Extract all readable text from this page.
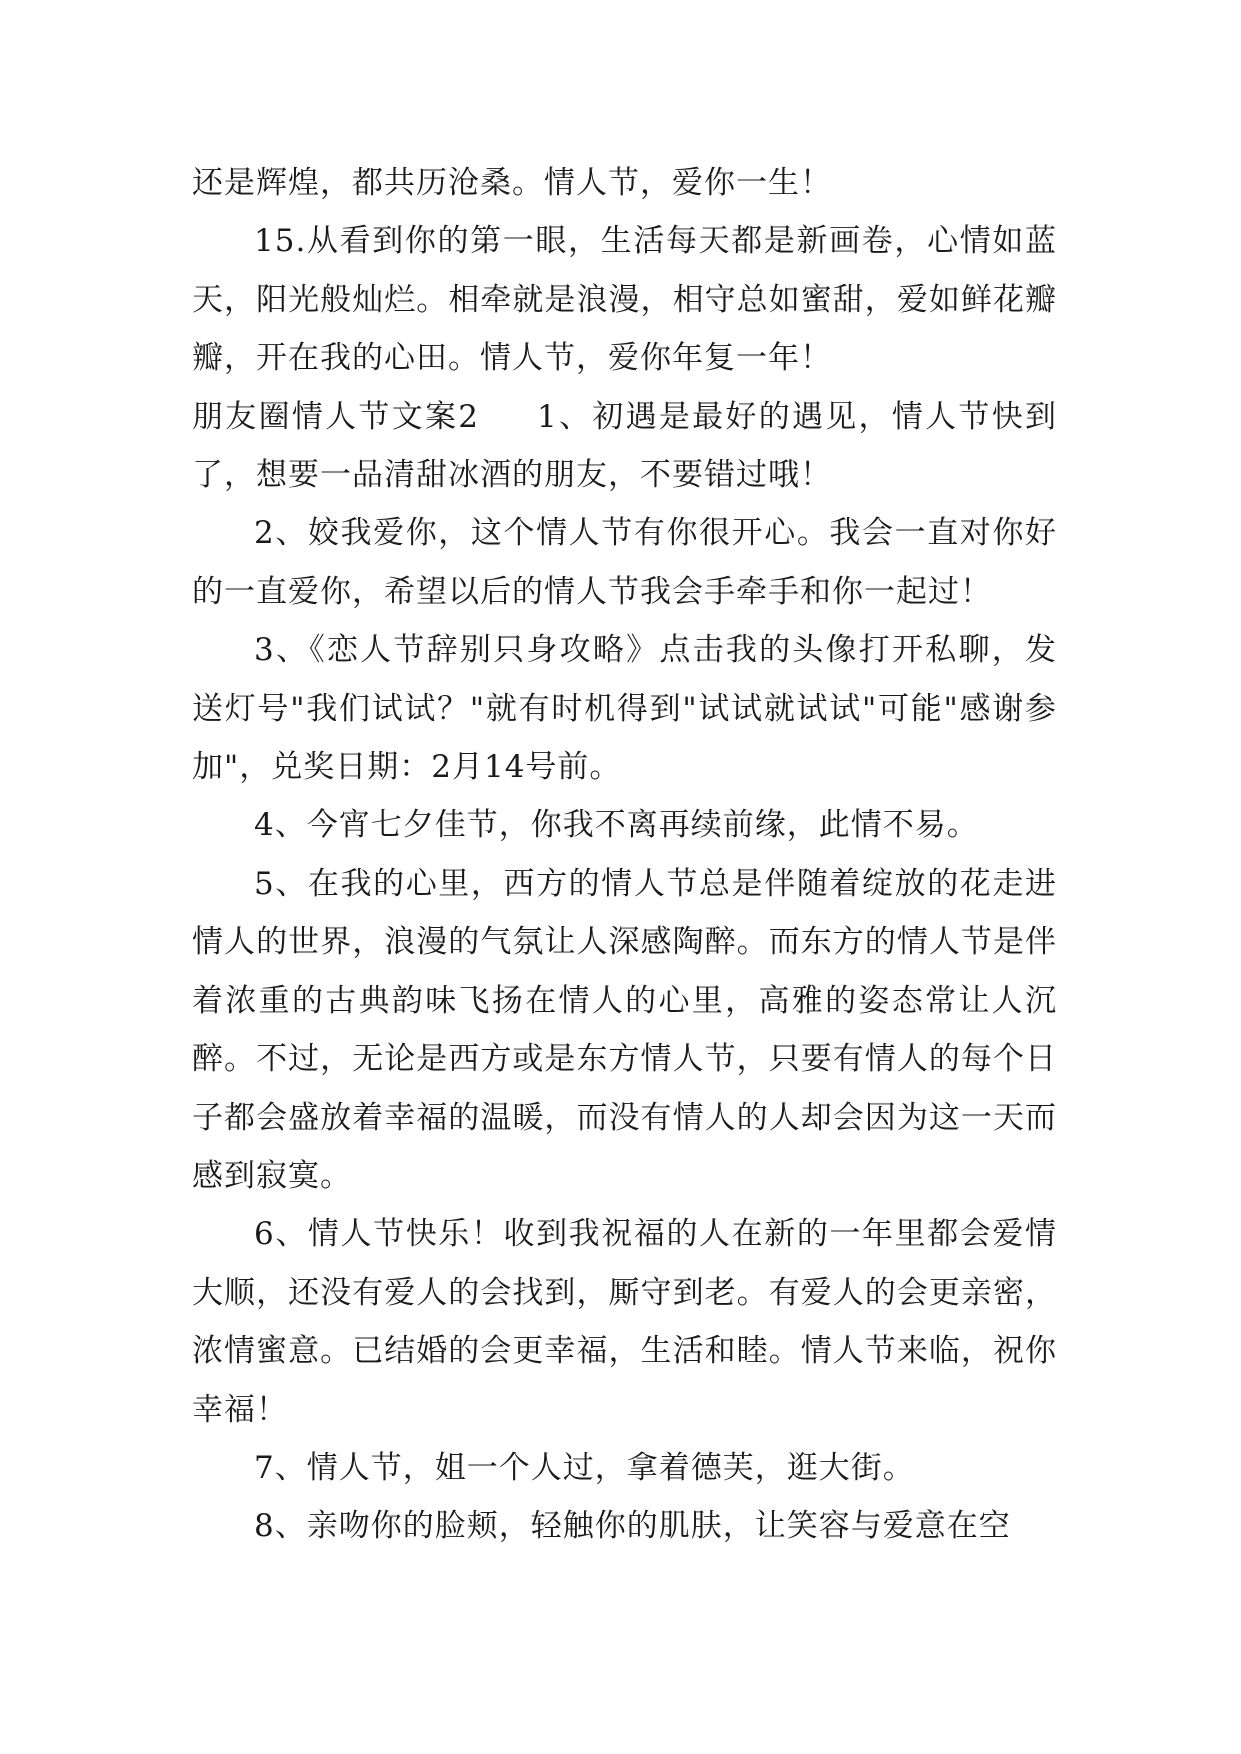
还是辉煌，都共历沧桑。情人节，爱你一生！

15.从看到你的第一眼，生活每天都是新画卷，心情如蓝天，阳光般灿烂。相牵就是浪漫，相守总如蜜甜，爱如鲜花瓣瓣，开在我的心田。情人节，爱你年复一年！

朋友圈情人节文案2 1、初遇是最好的遇见，情人节快到了，想要一品清甜冰酒的朋友，不要错过哦！

2、姣我爱你，这个情人节有你很开心。我会一直对你好的一直爱你，希望以后的情人节我会手牵手和你一起过！

3、《恋人节辞别只身攻略》点击我的头像打开私聊，发送灯号"我们试试？"就有时机得到"试试就试试"可能"感谢参加"，兑奖日期：2月14号前。

4、今宵七夕佳节，你我不离再续前缘，此情不易。

5、在我的心里，西方的情人节总是伴随着绽放的花走进情人的世界，浪漫的气氛让人深感陶醉。而东方的情人节是伴着浓重的古典韵味飞扬在情人的心里，高雅的姿态常让人沉醉。不过，无论是西方或是东方情人节，只要有情人的每个日子都会盛放着幸福的温暖，而没有情人的人却会因为这一天而感到寂寞。

6、情人节快乐！收到我祝福的人在新的一年里都会爱情大顺，还没有爱人的会找到，厮守到老。有爱人的会更亲密，浓情蜜意。已结婚的会更幸福，生活和睦。情人节来临，祝你幸福！

7、情人节，姐一个人过，拿着德芙，逛大街。

8、亲吻你的脸颊，轻触你的肌肤，让笑容与爱意在空
